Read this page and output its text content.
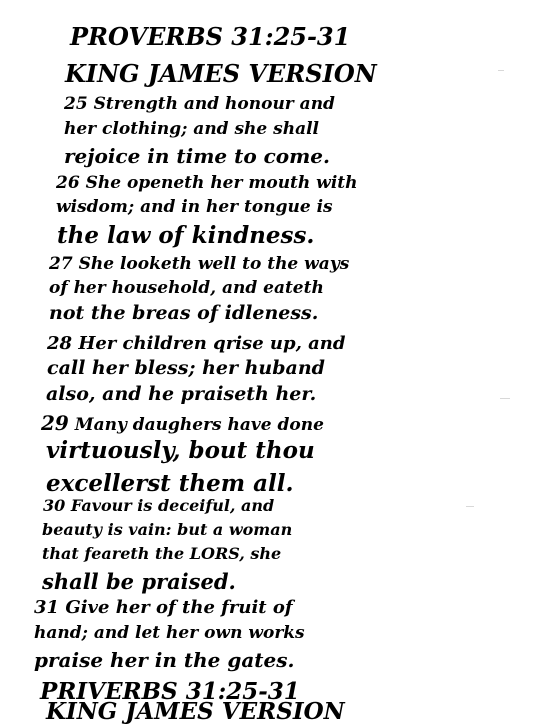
PROVERBS 31:25-31
KING JAMES VERSION
25 Strength and honour and
her clothing; and she shall
rejoice in time to come.
26 She openeth her mouth with
wisdom; and in her tongue is
the law of kindness.
27 She looketh well to the ways
of her household, and eateth
not the breas of idleness.
28 Her children qrise up, and
call her bless; her huband
also, and he praiseth her.
29 Many daughers have done
virtuously, bout thou
excellerst them all.
30 Favour is deceiful, and
beauty is vain: but a woman
that feareth the LORS, she
shall be praised.
31 Give her of the fruit of
hand; and let her own works
praise her in the gates.
PRIVERBS 31:25-31
KING JAMES VERSION
